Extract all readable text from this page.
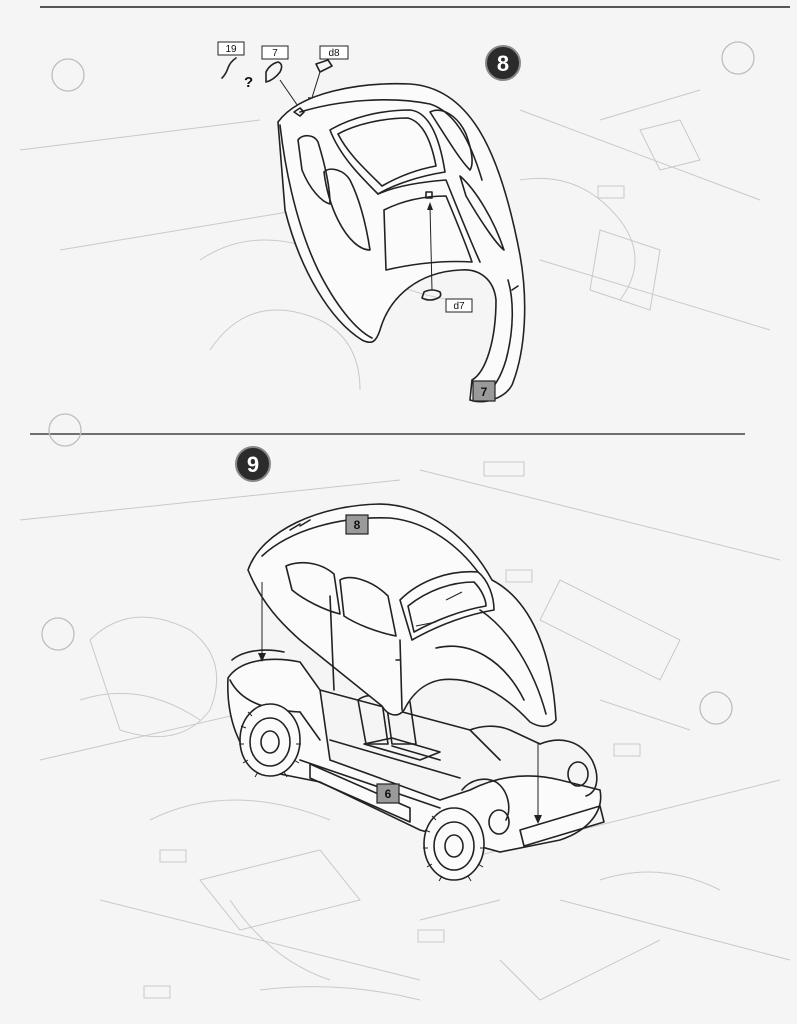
8
19
?
7	d8
d7
7
9
8
6
